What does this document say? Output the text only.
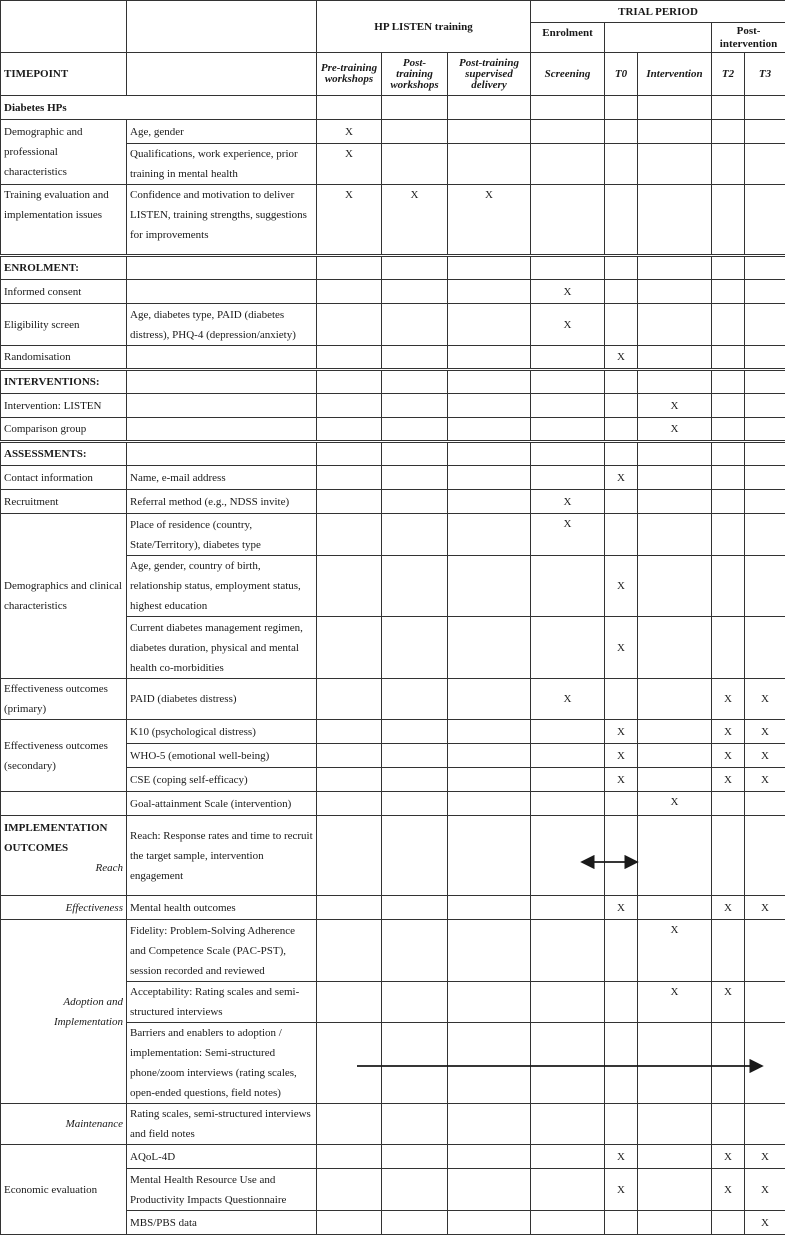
		HP LISTEN training			TRIAL PERIOD				
					Enrolment			Post-intervention	
TIMEPOINT		Pre-training workshops	Post-training workshops	Post-training supervised delivery	Screening	T0	Intervention	T2	T3
Diabetes HPs									
Demographic and professional characteristics	Age, gender	X							
	Qualifications, work experience, prior training in mental health	X							
Training evaluation and implementation issues	Confidence and motivation to deliver LISTEN, training strengths, suggestions for improvements	X	X	X					
ENROLMENT:									
Informed consent					X				
Eligibility screen	Age, diabetes type, PAID (diabetes distress), PHQ-4 (depression/anxiety)				X				
Randomisation						X			
INTERVENTIONS:									
Intervention: LISTEN							X		
Comparison group							X		
ASSESSMENTS:									
Contact information	Name, e-mail address					X			
Recruitment	Referral method (e.g., NDSS invite)				X				
Demographics and clinical characteristics	Place of residence (country, State/Territory), diabetes type				X				
	Age, gender, country of birth, relationship status, employment status, highest education					X			
	Current diabetes management regimen, diabetes duration, physical and mental health co-morbidities					X			
Effectiveness outcomes (primary)	PAID (diabetes distress)				X			X	X
Effectiveness outcomes (secondary)	K10 (psychological distress)					X		X	X
	WHO-5 (emotional well-being)					X		X	X
	CSE (coping self-efficacy)					X		X	X
	Goal-attainment Scale (intervention)						X		

IMPLEMENTATION OUTCOMES
Reach	Reach: Response rates and time to recruit the target sample, intervention engagement								
Effectiveness	Mental health outcomes					X		X	X
Adoption and Implementation	Fidelity: Problem-Solving Adherence and Competence Scale (PAC-PST), session recorded and reviewed						X		
	Acceptability: Rating scales and semi-structured interviews						X	X	
	Barriers and enablers to adoption / implementation: Semi-structured phone/zoom interviews (rating scales, open-ended questions, field notes)								
Maintenance	Rating scales, semi-structured interviews and field notes								
Economic evaluation	AQoL-4D					X		X	X
	Mental Health Resource Use and Productivity Impacts Questionnaire					X		X	X
	MBS/PBS data								X
